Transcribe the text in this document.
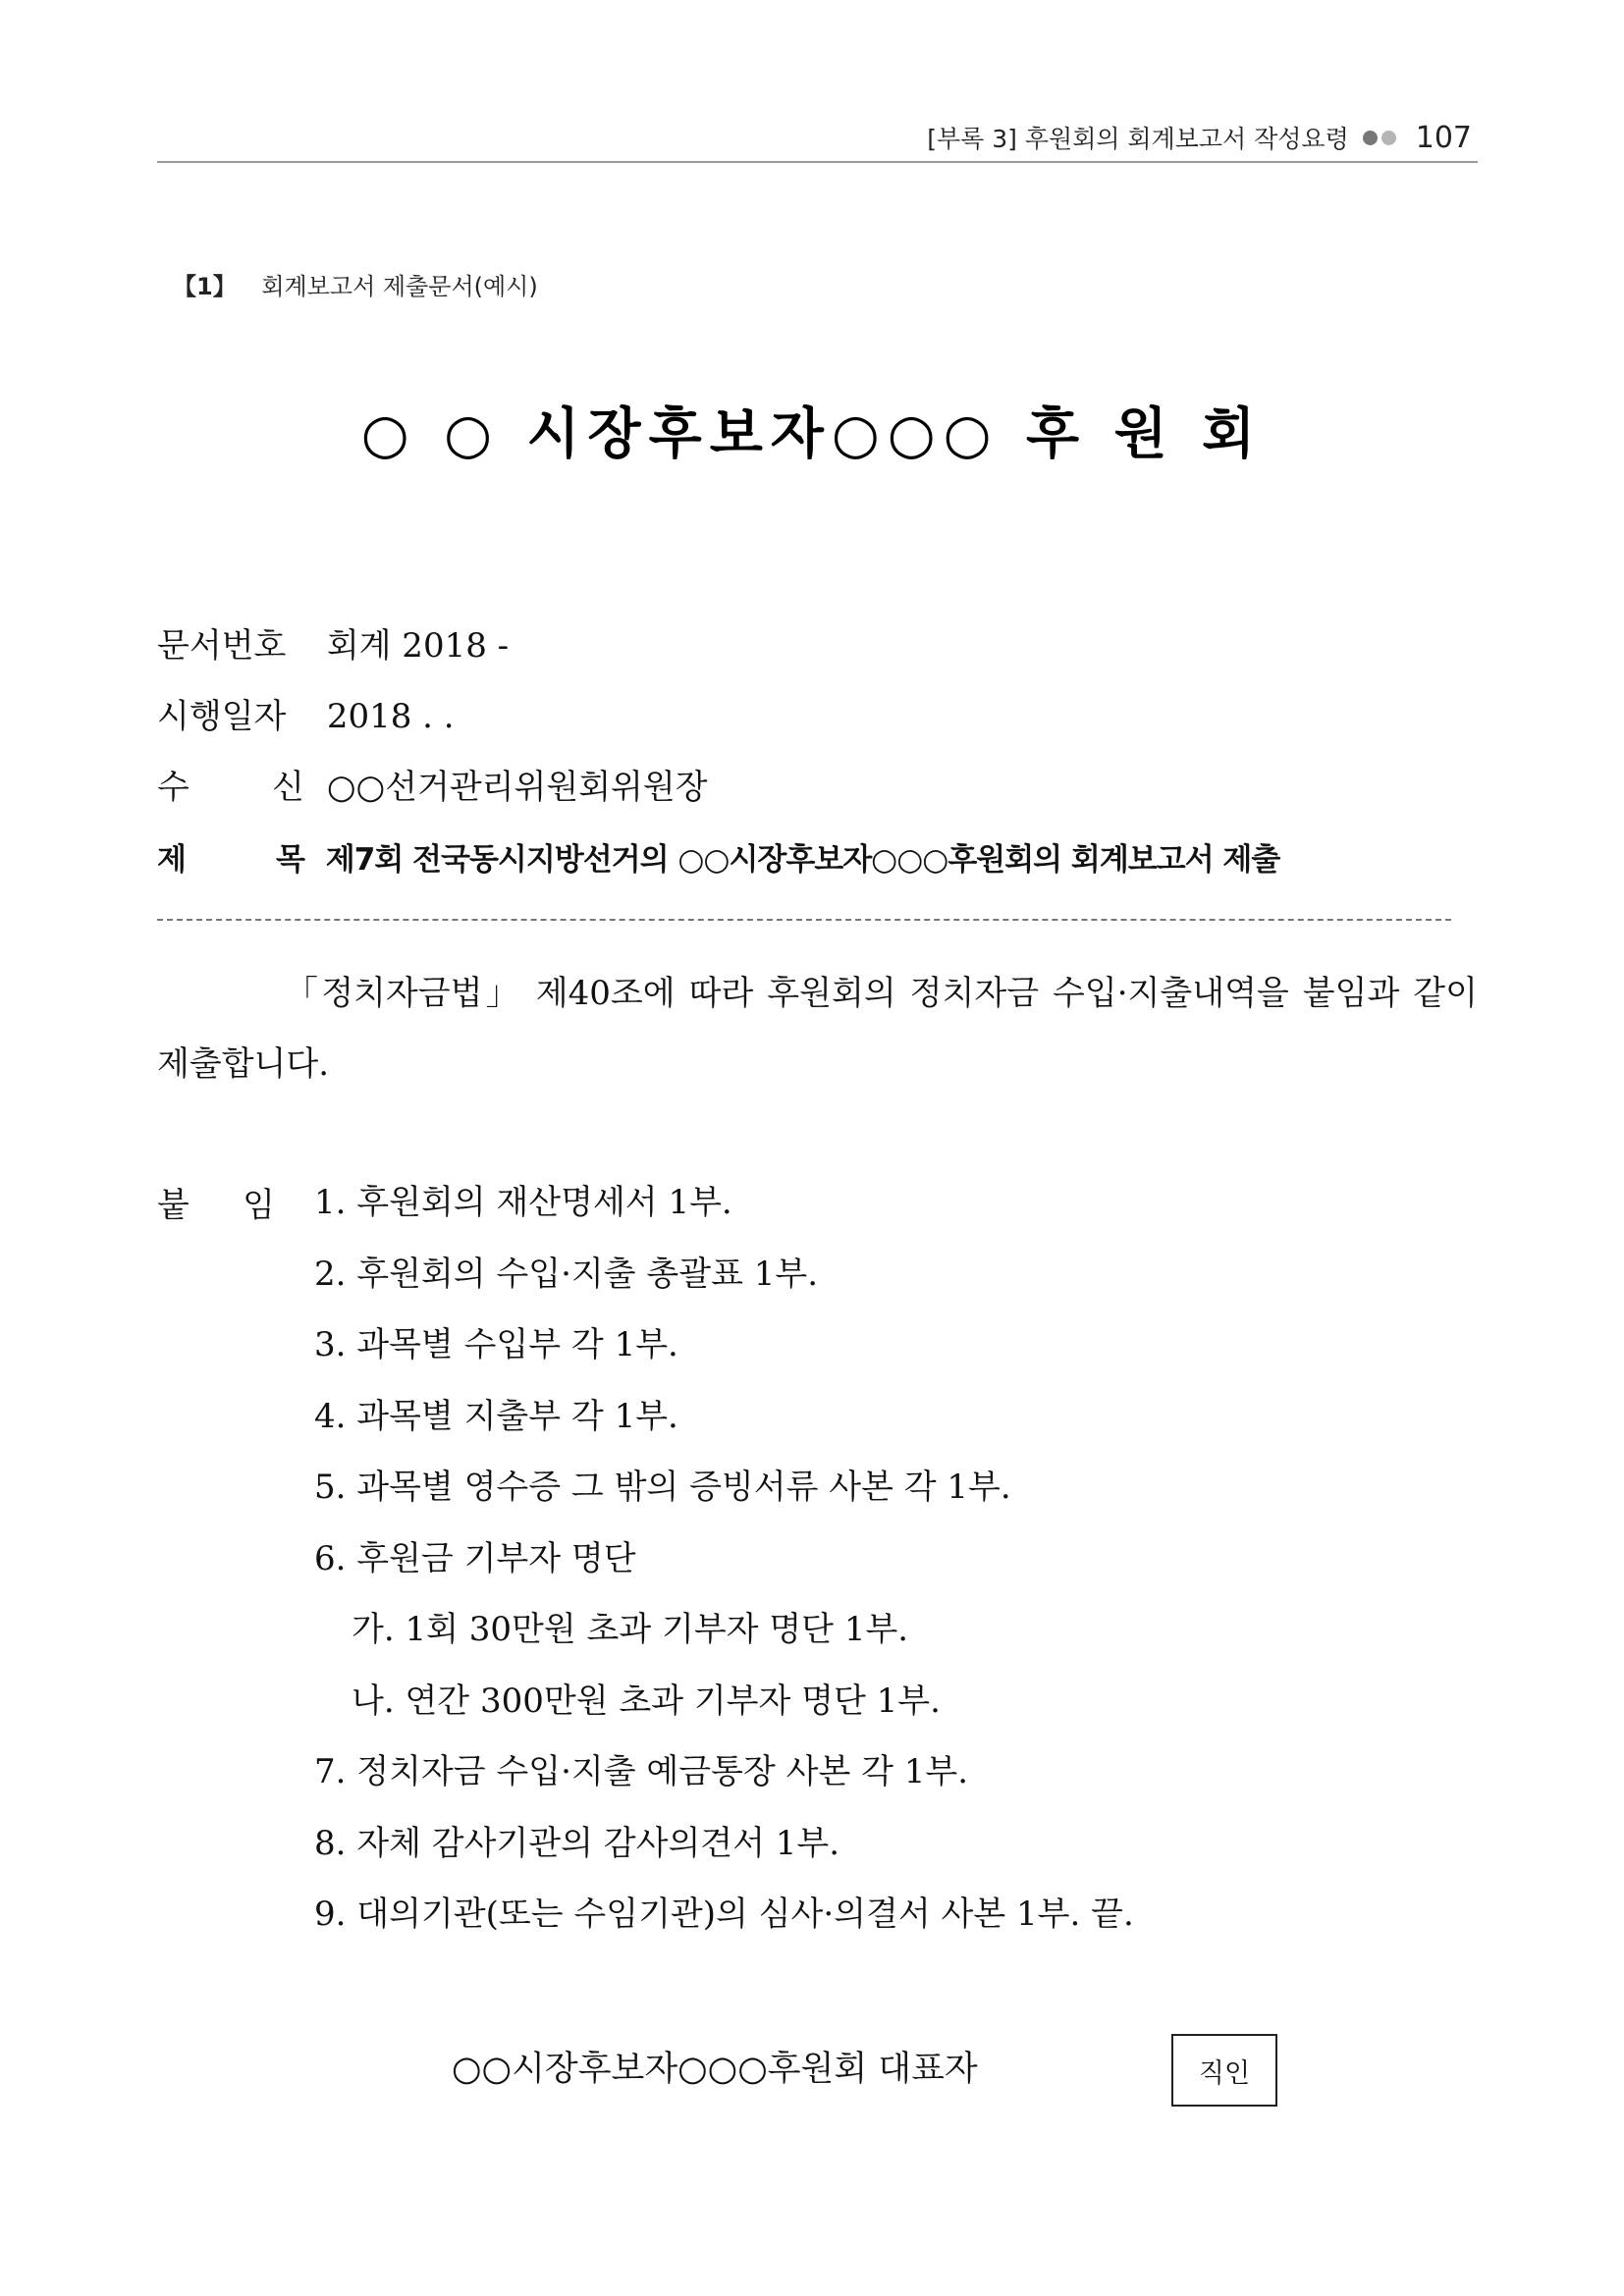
[부록 3] 후원회의 회계보고서 작성요령 107
【1】 회계보고서 제출문서(예시)
○ ○ 시장후보자○○○ 후 원 회
문서번호 회계 2018 -
시행일자 2018 . .
수 신 ○○선거관리위원회위원장
제	목 제7회 전국동시지방선거의 ○○시장후보자○○○후원회의 회계보고서 제출
「정치자금법」 제40조에 따라 후원회의 정치자금 수입·지출내역을 붙임과 같이 제출합니다.
붙 임 1. 후원회의 재산명세서 1부.
2. 후원회의 수입·지출 총괄표 1부.
3. 과목별 수입부 각 1부.
4. 과목별 지출부 각 1부.
5. 과목별 영수증 그 밖의 증빙서류 사본 각 1부.
6. 후원금 기부자 명단
가. 1회 30만원 초과 기부자 명단 1부.
나. 연간 300만원 초과 기부자 명단 1부.
7. 정치자금 수입·지출 예금통장 사본 각 1부.
8. 자체 감사기관의 감사의견서 1부.
9. 대의기관(또는 수임기관)의 심사·의결서 사본 1부. 끝.
○○시장후보자○○○후원회 대표자	직인
